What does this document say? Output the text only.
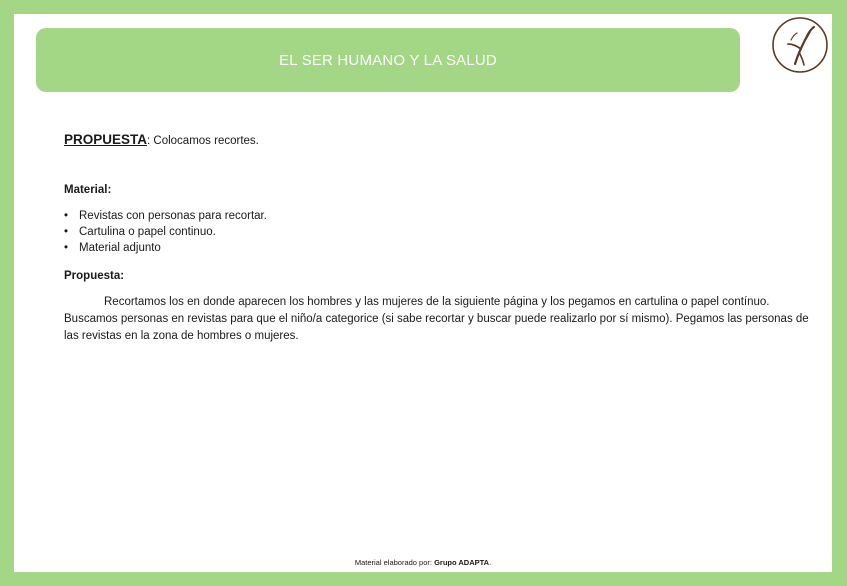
EL SER HUMANO Y LA SALUD

PROPUESTA: Colocamos recortes.

Material:
• Revistas con personas para recortar.
• Cartulina o papel continuo.
• Material adjunto
Propuesta:

Recortamos los en donde aparecen los hombres y las mujeres de la siguiente página y los pegamos en cartulina o papel contínuo. Buscamos personas en revistas para que el niño/a categorice (si sabe recortar y buscar puede realizarlo por sí mismo). Pegamos las personas de las revistas en la zona de hombres o mujeres.

Material elaborado por: Grupo ADAPTA.
